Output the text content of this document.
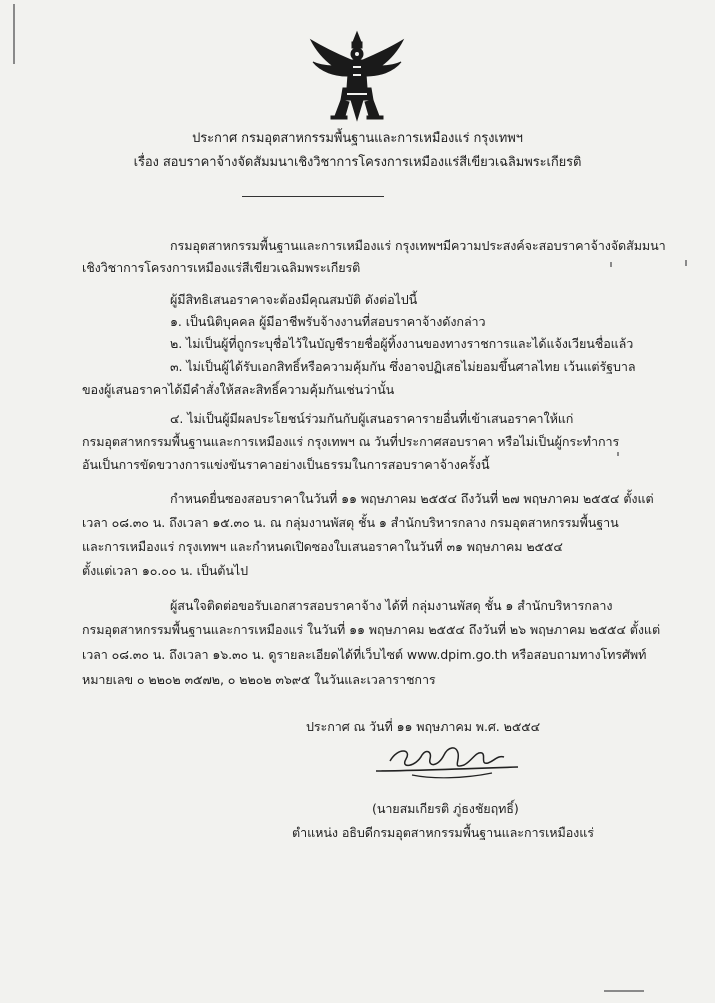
ประกาศ กรมอุตสาหกรรมพื้นฐานและการเหมืองแร่ กรุงเทพฯ
เรื่อง สอบราคาจ้างจัดสัมมนาเชิงวิชาการโครงการเหมืองแร่สีเขียวเฉลิมพระเกียรติ
กรมอุตสาหกรรมพื้นฐานและการเหมืองแร่ กรุงเทพฯมีความประสงค์จะสอบราคาจ้างจัดสัมมนา
เชิงวิชาการโครงการเหมืองแร่สีเขียวเฉลิมพระเกียรติ
ผู้มีสิทธิเสนอราคาจะต้องมีคุณสมบัติ ดังต่อไปนี้
๑. เป็นนิติบุคคล ผู้มีอาชีพรับจ้างงานที่สอบราคาจ้างดังกล่าว
๒. ไม่เป็นผู้ที่ถูกระบุชื่อไว้ในบัญชีรายชื่อผู้ทิ้งงานของทางราชการและได้แจ้งเวียนชื่อแล้ว
๓. ไม่เป็นผู้ได้รับเอกสิทธิ์หรือความคุ้มกัน ซึ่งอาจปฏิเสธไม่ยอมขึ้นศาลไทย เว้นแต่รัฐบาล
ของผู้เสนอราคาได้มีคำสั่งให้สละสิทธิ์ความคุ้มกันเช่นว่านั้น
๔. ไม่เป็นผู้มีผลประโยชน์ร่วมกันกับผู้เสนอราคารายอื่นที่เข้าเสนอราคาให้แก่
กรมอุตสาหกรรมพื้นฐานและการเหมืองแร่ กรุงเทพฯ ณ วันที่ประกาศสอบราคา หรือไม่เป็นผู้กระทำการ
อันเป็นการขัดขวางการแข่งขันราคาอย่างเป็นธรรมในการสอบราคาจ้างครั้งนี้
กำหนดยื่นซองสอบราคาในวันที่ ๑๑ พฤษภาคม ๒๕๕๔ ถึงวันที่ ๒๗ พฤษภาคม ๒๕๕๔ ตั้งแต่
เวลา ๐๘.๓๐ น. ถึงเวลา ๑๕.๓๐ น. ณ กลุ่มงานพัสดุ ชั้น ๑ สำนักบริหารกลาง กรมอุตสาหกรรมพื้นฐาน
และการเหมืองแร่ กรุงเทพฯ และกำหนดเปิดซองใบเสนอราคาในวันที่ ๓๑ พฤษภาคม ๒๕๕๔
ตั้งแต่เวลา ๑๐.๐๐ น. เป็นต้นไป
ผู้สนใจติดต่อขอรับเอกสารสอบราคาจ้าง ได้ที่ กลุ่มงานพัสดุ ชั้น ๑ สำนักบริหารกลาง
กรมอุตสาหกรรมพื้นฐานและการเหมืองแร่ ในวันที่ ๑๑ พฤษภาคม ๒๕๕๔ ถึงวันที่ ๒๖ พฤษภาคม ๒๕๕๔ ตั้งแต่
เวลา ๐๘.๓๐ น. ถึงเวลา ๑๖.๓๐ น. ดูรายละเอียดได้ที่เว็บไซต์ www.dpim.go.th หรือสอบถามทางโทรศัพท์
หมายเลข ๐ ๒๒๐๒ ๓๕๗๒, ๐ ๒๒๐๒ ๓๖๙๕ ในวันและเวลาราชการ
ประกาศ ณ วันที่ ๑๑ พฤษภาคม พ.ศ. ๒๕๕๔
(นายสมเกียรติ ภู่ธงชัยฤทธิ์)
ตำแหน่ง อธิบดีกรมอุตสาหกรรมพื้นฐานและการเหมืองแร่
